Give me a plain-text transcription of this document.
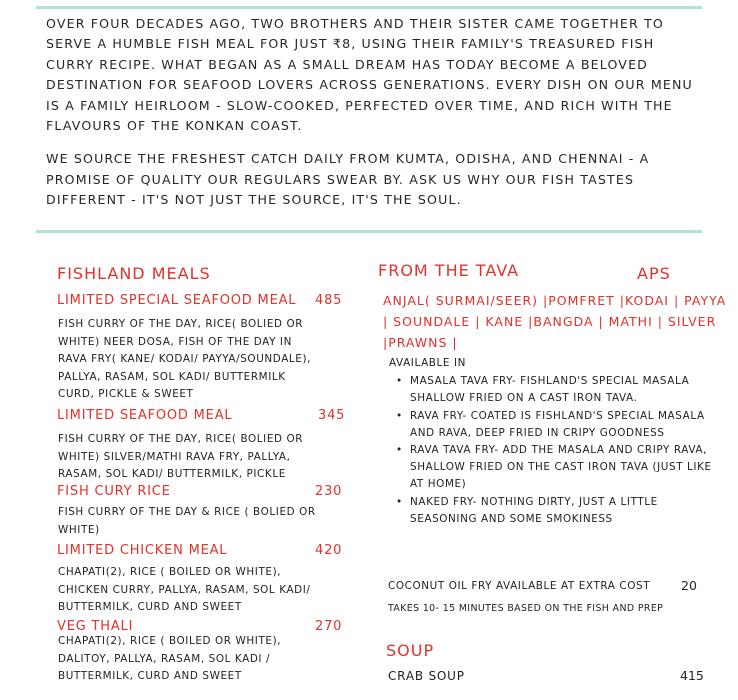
OVER FOUR DECADES AGO, TWO BROTHERS AND THEIR SISTER CAME TOGETHER TO SERVE A HUMBLE FISH MEAL FOR JUST ₹8, USING THEIR FAMILY'S TREASURED FISH CURRY RECIPE. WHAT BEGAN AS A SMALL DREAM HAS TODAY BECOME A BELOVED DESTINATION FOR SEAFOOD LOVERS ACROSS GENERATIONS. EVERY DISH ON OUR MENU IS A FAMILY HEIRLOOM - SLOW-COOKED, PERFECTED OVER TIME, AND RICH WITH THE FLAVOURS OF THE KONKAN COAST.

WE SOURCE THE FRESHEST CATCH DAILY FROM KUMTA, ODISHA, AND CHENNAI - A PROMISE OF QUALITY OUR REGULARS SWEAR BY. ASK US WHY OUR FISH TASTES DIFFERENT - IT'S NOT JUST THE SOURCE, IT'S THE SOUL.

FISHLAND MEALS
LIMITED SPECIAL SEAFOOD MEAL 485
FISH CURRY OF THE DAY, RICE( BOLIED OR WHITE) NEER DOSA, FISH OF THE DAY IN RAVA FRY( KANE/ KODAI/ PAYYA/SOUNDALE), PALLYA, RASAM, SOL KADI/ BUTTERMILK CURD, PICKLE & SWEET
LIMITED SEAFOOD MEAL	345
FISH CURRY OF THE DAY, RICE( BOLIED OR WHITE) SILVER/MATHI RAVA FRY, PALLYA, RASAM, SOL KADI/ BUTTERMILK, PICKLE
FISH CURY RICE	230
FISH CURRY OF THE DAY & RICE ( BOLIED OR WHITE)
LIMITED CHICKEN MEAL	420
CHAPATI(2), RICE ( BOILED OR WHITE), CHICKEN CURRY, PALLYA, RASAM, SOL KADI/ BUTTERMILK, CURD AND SWEET
VEG THALI	270
CHAPATI(2), RICE ( BOILED OR WHITE), DALITOY, PALLYA, RASAM, SOL KADI / BUTTERMILK, CURD AND SWEET
FROM THE TAVA	APS
ANJAL( SURMAI/SEER) |POMFRET |KODAI | PAYYA | SOUNDALE | KANE |BANGDA | MATHI | SILVER |PRAWNS |
AVAILABLE IN
• MASALA TAVA FRY- FISHLAND'S SPECIAL MASALA SHALLOW FRIED ON A CAST IRON TAVA.
• RAVA FRY- COATED IS FISHLAND'S SPECIAL MASALA AND RAVA, DEEP FRIED IN CRIPY GOODNESS
• RAVA TAVA FRY- ADD THE MASALA AND CRIPY RAVA, SHALLOW FRIED ON THE CAST IRON TAVA (JUST LIKE AT HOME)
• NAKED FRY- NOTHING DIRTY, JUST A LITTLE SEASONING AND SOME SMOKINESS
COCONUT OIL FRY AVAILABLE AT EXTRA COST 20
TAKES 10- 15 MINUTES BASED ON THE FISH AND PREP
SOUP
CRAB SOUP	415
